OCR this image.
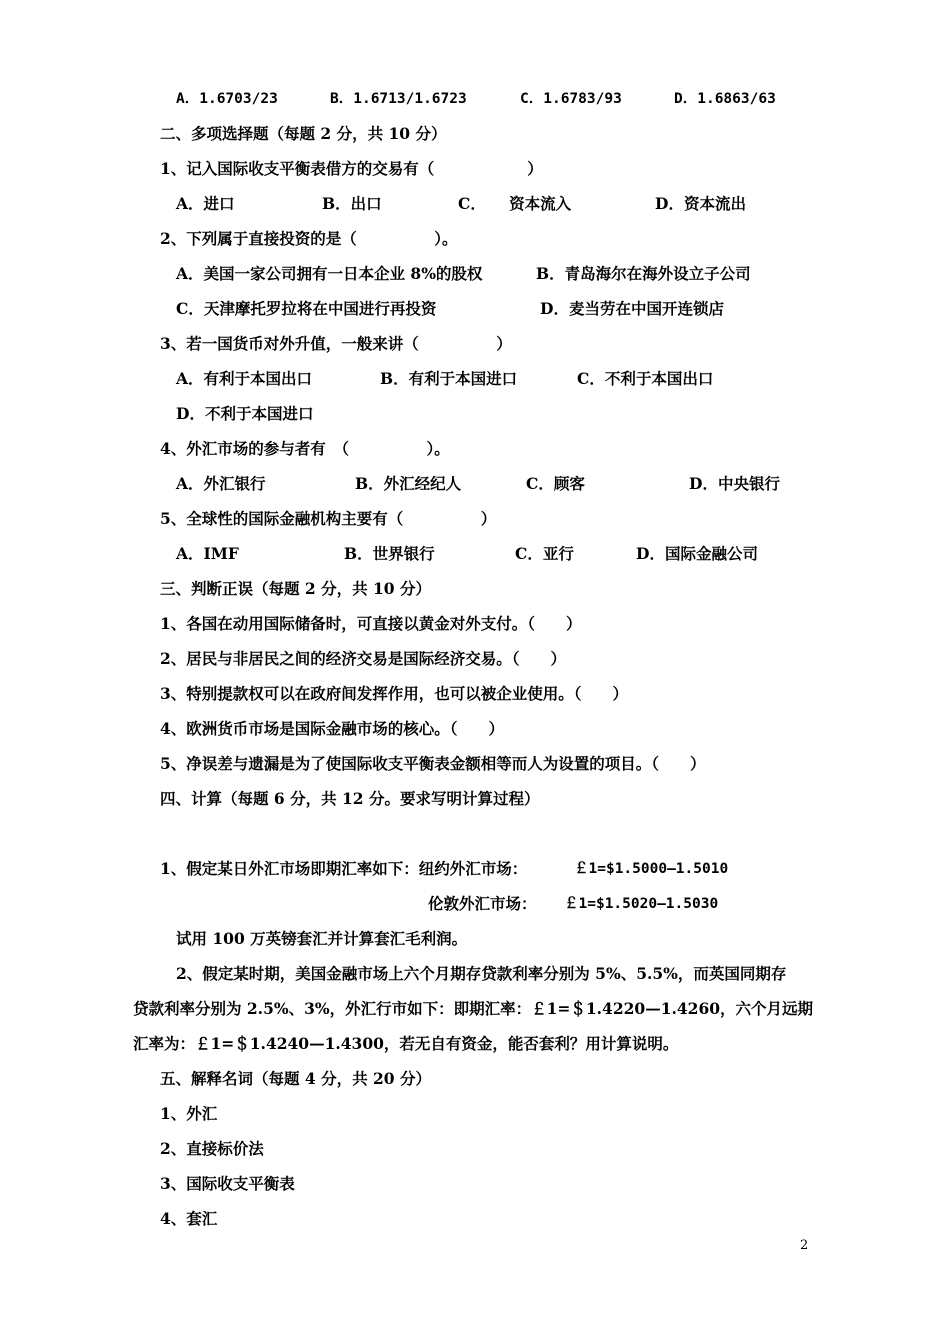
A．1.6703/23	B．1.6713/1.6723	C．1.6783/93	D．1.6863/63
二、多项选择题（每题 2 分，共 10 分）
1、记入国际收支平衡表借方的交易有（　　　　　　）
A．进口	B．出口	C．　　资本流入	D．资本流出
2、下列属于直接投资的是（　　　　　）。
A．美国一家公司拥有一日本企业 8%的股权	B．青岛海尔在海外设立子公司
C．天津摩托罗拉将在中国进行再投资	D．麦当劳在中国开连锁店
3、若一国货币对外升值，一般来讲（　　　　　）
A．有利于本国出口	B．有利于本国进口	C．不利于本国出口
D．不利于本国进口
4、外汇市场的参与者有　（　　　　　）。
A．外汇银行	B．外汇经纪人	C．顾客	D．中央银行
5、全球性的国际金融机构主要有（　　　　　）
A．IMF	B．世界银行	C．亚行	D．国际金融公司
三、判断正误（每题 2 分，共 10 分）
1、各国在动用国际储备时，可直接以黄金对外支付。（　　）
2、居民与非居民之间的经济交易是国际经济交易。（　　）
3、特别提款权可以在政府间发挥作用，也可以被企业使用。（　　）
4、欧洲货币市场是国际金融市场的核心。（　　）
5、净误差与遗漏是为了使国际收支平衡表金额相等而人为设置的项目。（　　）
四、计算（每题 6 分，共 12 分。要求写明计算过程）
1、假定某日外汇市场即期汇率如下：纽约外汇市场：	￡1=$1.5000—1.5010
伦敦外汇市场： ￡1=$1.5020—1.5030
试用 100 万英镑套汇并计算套汇毛利润。
2、假定某时期，美国金融市场上六个月期存贷款利率分别为 5%、5.5%，而英国同期存
贷款利率分别为 2.5%、3%，外汇行市如下：即期汇率：￡1=＄1.4220—1.4260，六个月远期
汇率为：￡1=＄1.4240—1.4300，若无自有资金，能否套利？用计算说明。
五、解释名词（每题 4 分，共 20 分）
1、外汇
2、直接标价法
3、国际收支平衡表
4、套汇
2
